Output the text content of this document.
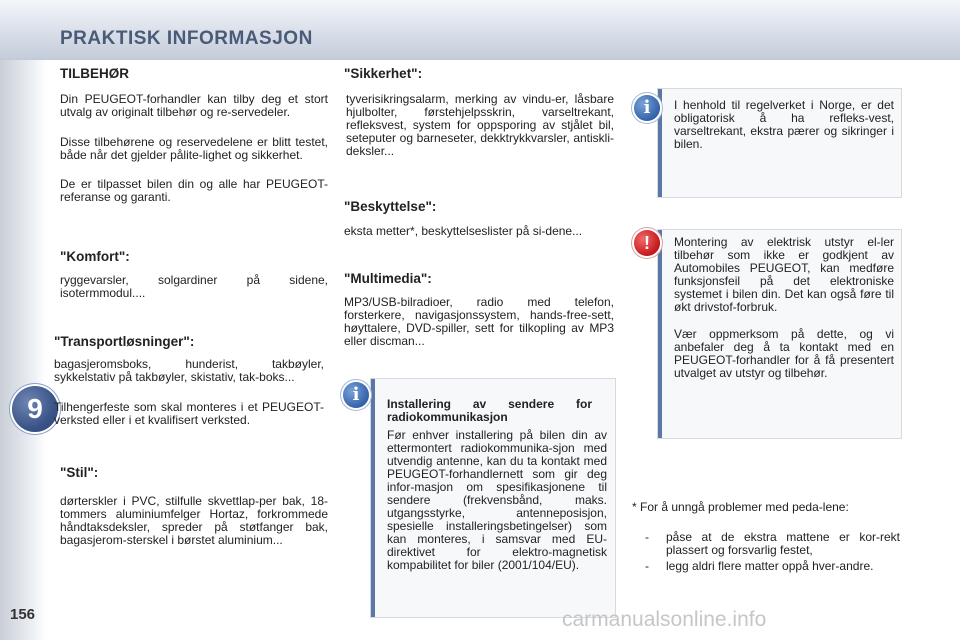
PRAKTISK INFORMASJON
9
156
TILBEHØR
Din PEUGEOT-forhandler kan tilby deg et stort utvalg av originalt tilbehør og re-servedeler.
Disse tilbehørene og reservedelene er blitt testet, både når det gjelder pålite-lighet og sikkerhet.
De er tilpasset bilen din og alle har PEUGEOT-referanse og garanti.
"Komfort":
ryggevarsler, solgardiner på sidene, isotermmodul....
"Transportløsninger":
bagasjeromsboks, hunderist, takbøyler, sykkelstativ på takbøyler, skistativ, tak-boks...
Tilhengerfeste som skal monteres i et PEUGEOT-verksted eller i et kvalifisert verksted.
"Stil":
dørterskler i PVC, stilfulle skvettlap-per bak, 18-tommers aluminiumfelger Hortaz, forkrommede håndtaksdeksler, spreder på støtfanger bak, bagasjerom-sterskel i børstet aluminium...
"Sikkerhet":
tyverisikringsalarm, merking av vindu-er, låsbare hjulbolter, førstehjelpsskrin, varseltrekant, refleksvest, system for oppsporing av stjålet bil, seteputer og barneseter, dekktrykkvarsler, antiskli-deksler...
"Beskyttelse":
eksta metter*, beskyttelseslister på si-dene...
"Multimedia":
MP3/USB-bilradioer, radio med telefon, forsterkere, navigasjonssystem, hands-free-sett, høyttalere, DVD-spiller, sett for tilkopling av MP3 eller discman...
Installering av sendere for radiokommunikasjon
Før enhver installering på bilen din av ettermontert radiokommunika-sjon med utvendig antenne, kan du ta kontakt med PEUGEOT-forhandlernett som gir deg infor-masjon om spesifikasjonene til sendere (frekvensbånd, maks. utgangsstyrke, antenneposisjon, spesielle installeringsbetingelser) som kan monteres, i samsvar med EU-direktivet for elektro-magnetisk kompabilitet for biler (2001/104/EU).
i
I henhold til regelverket i Norge, er det obligatorisk å ha refleks-vest, varseltrekant, ekstra pærer og sikringer i bilen.
i
Montering av elektrisk utstyr el-ler tilbehør som ikke er godkjent av Automobiles PEUGEOT, kan medføre funksjonsfeil på det elektroniske systemet i bilen din. Det kan også føre til økt drivstof-forbruk.
Vær oppmerksom på dette, og vi anbefaler deg å ta kontakt med en PEUGEOT-forhandler for å få presentert utvalget av utstyr og tilbehør.
!
* For å unngå problemer med peda-lene:
- påse at de ekstra mattene er kor-rekt plassert og forsvarlig festet,
- legg aldri flere matter oppå hver-andre.
carmanualsonline.info
